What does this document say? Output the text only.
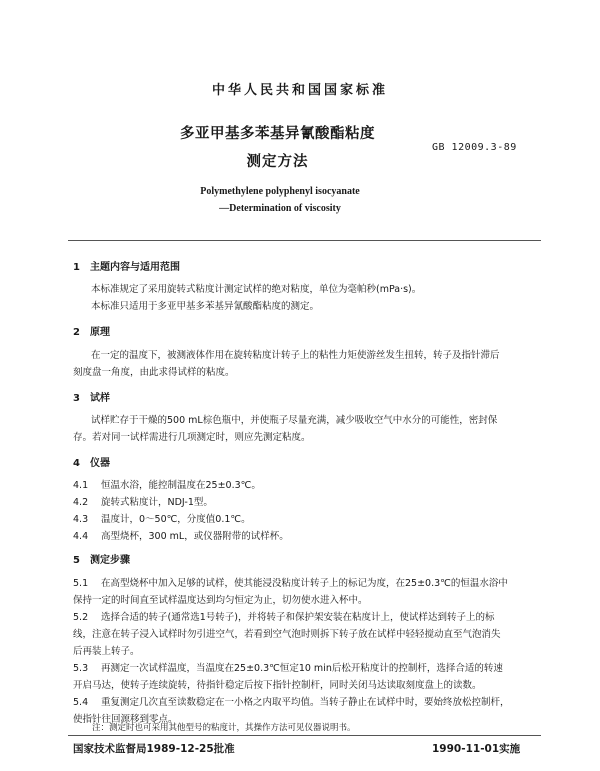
中华人民共和国国家标准
多亚甲基多苯基异氰酸酯粘度
测定方法
GB 12009.3-89
Polymethylene polyphenyl isocyanate
—Determination of viscosity
1 主题内容与适用范围
本标准规定了采用旋转式粘度计测定试样的绝对粘度，单位为毫帕秒(mPa·s)。
本标准只适用于多亚甲基多苯基异氰酸酯粘度的测定。
2 原理
在一定的温度下，被测液体作用在旋转粘度计转子上的粘性力矩使游丝发生扭转，转子及指针滞后
刻度盘一角度，由此求得试样的粘度。
3 试样
试样贮存于干燥的500 mL棕色瓶中，并使瓶子尽量充满，减少吸收空气中水分的可能性，密封保
存。若对同一试样需进行几项测定时，则应先测定粘度。
4 仪器
4.1 恒温水浴，能控制温度在25±0.3℃。
4.2 旋转式粘度计，NDJ-1型。
4.3 温度计，0～50℃，分度值0.1℃。
4.4 高型烧杯，300 mL，或仪器附带的试样杯。
5 测定步骤
5.1 在高型烧杯中加入足够的试样，使其能浸没粘度计转子上的标记为度，在25±0.3℃的恒温水浴中
保持一定的时间直至试样温度达到均匀恒定为止，切勿使水进入杯中。
5.2 选择合适的转子(通常选1号转子)，并将转子和保护架安装在粘度计上，使试样达到转子上的标
线，注意在转子浸入试样时勿引进空气，若看到空气泡时则拆下转子放在试样中轻轻搅动直至气泡消失
后再装上转子。
5.3 再测定一次试样温度，当温度在25±0.3℃恒定10 min后松开粘度计的控制杆，选择合适的转速
开启马达，使转子连续旋转，待指针稳定后按下指针控制杆，同时关闭马达读取刻度盘上的读数。
5.4 重复测定几次直至读数稳定在一小格之内取平均值。当转子静止在试样中时，要始终放松控制杆，
使指针往回源移到零点。
注：测定时也可采用其他型号的粘度计，其操作方法可见仪器说明书。
国家技术监督局1989-12-25批准	1990-11-01实施
